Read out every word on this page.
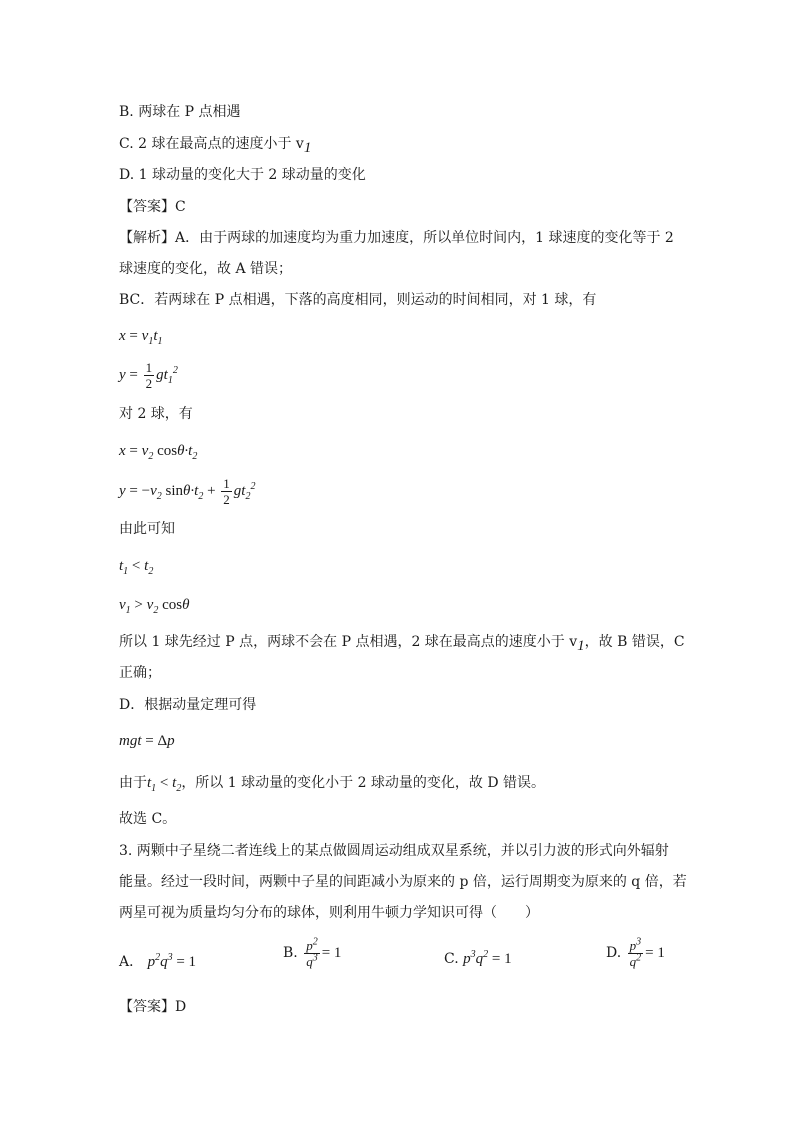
B. 两球在 P 点相遇
C. 2 球在最高点的速度小于 $v_1$
D. 1 球动量的变化大于 2 球动量的变化
【答案】C
【解析】A．由于两球的加速度均为重力加速度，所以单位时间内，1 球速度的变化等于 2
球速度的变化，故 A 错误；
BC．若两球在 P 点相遇，下落的高度相同，则运动的时间相同，对 1 球，有
$x = v_1t_1$
$y = \frac{1}{2} gt_1^2$
对 2 球，有
$x = v_2$ $\cos\theta\cdot t_2$
$y = -v_2$ $\sin\theta\cdot t_2 + \frac{1}{2} gt_2^2$
由此可知
$t_1 < t_2$
$v_1 > v_2$ cosθ
所以 1 球先经过 P 点，两球不会在 P 点相遇，2 球在最高点的速度小于 $v_1$，故 B 错误，C
正确；
D．根据动量定理可得
mgt = Δp
由于$t_1 < t_2$，所以 1 球动量的变化小于 2 球动量的变化，故 D 错误。
故选 C。
3. 两颗中子星绕二者连线上的某点做圆周运动组成双星系统，并以引力波的形式向外辐射
能量。经过一段时间，两颗中子星的间距减小为原来的 p 倍，运行周期变为原来的 q 倍，若
两星可视为质量均匀分布的球体，则利用牛顿力学知识可得（　　）
A． $p^2q^3 = 1$
B. $\frac{p^2}{q^3} = 1$	C. $p^3q^2 = 1$	D. $\frac{p^3}{q^2} = 1$
【答案】D
